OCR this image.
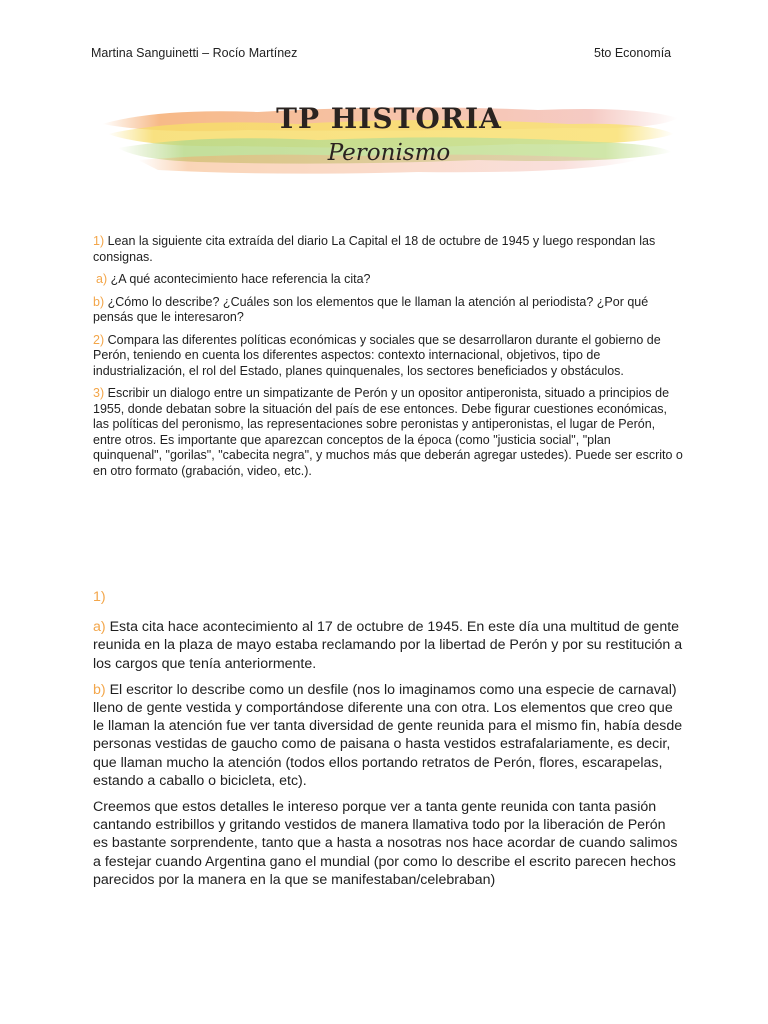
Martina Sanguinetti – Rocío Martínez	5to Economía
TP HISTORIA
Peronismo

1) Lean la siguiente cita extraída del diario La Capital el 18 de octubre de 1945 y luego respondan las consignas.

a) ¿A qué acontecimiento hace referencia la cita?

b) ¿Cómo lo describe? ¿Cuáles son los elementos que le llaman la atención al periodista? ¿Por qué pensás que le interesaron?

2) Compara las diferentes políticas económicas y sociales que se desarrollaron durante el gobierno de Perón, teniendo en cuenta los diferentes aspectos: contexto internacional, objetivos, tipo de industrialización, el rol del Estado, planes quinquenales, los sectores beneficiados y obstáculos.

3) Escribir un dialogo entre un simpatizante de Perón y un opositor antiperonista, situado a principios de 1955, donde debatan sobre la situación del país de ese entonces. Debe figurar cuestiones económicas, las políticas del peronismo, las representaciones sobre peronistas y antiperonistas, el lugar de Perón, entre otros. Es importante que aparezcan conceptos de la época (como "justicia social", "plan quinquenal", "gorilas", "cabecita negra", y muchos más que deberán agregar ustedes). Puede ser escrito o en otro formato (grabación, video, etc.).

1)

a) Esta cita hace acontecimiento al 17 de octubre de 1945. En este día una multitud de gente reunida en la plaza de mayo estaba reclamando por la libertad de Perón y por su restitución a los cargos que tenía anteriormente.

b) El escritor lo describe como un desfile (nos lo imaginamos como una especie de carnaval) lleno de gente vestida y comportándose diferente una con otra. Los elementos que creo que le llaman la atención fue ver tanta diversidad de gente reunida para el mismo fin, había desde personas vestidas de gaucho como de paisana o hasta vestidos estrafalariamente, es decir, que llaman mucho la atención (todos ellos portando retratos de Perón, flores, escarapelas, estando a caballo o bicicleta, etc).

Creemos que estos detalles le intereso porque ver a tanta gente reunida con tanta pasión cantando estribillos y gritando vestidos de manera llamativa todo por la liberación de Perón es bastante sorprendente, tanto que a hasta a nosotras nos hace acordar de cuando salimos a festejar cuando Argentina gano el mundial (por como lo describe el escrito parecen hechos parecidos por la manera en la que se manifestaban/celebraban)
